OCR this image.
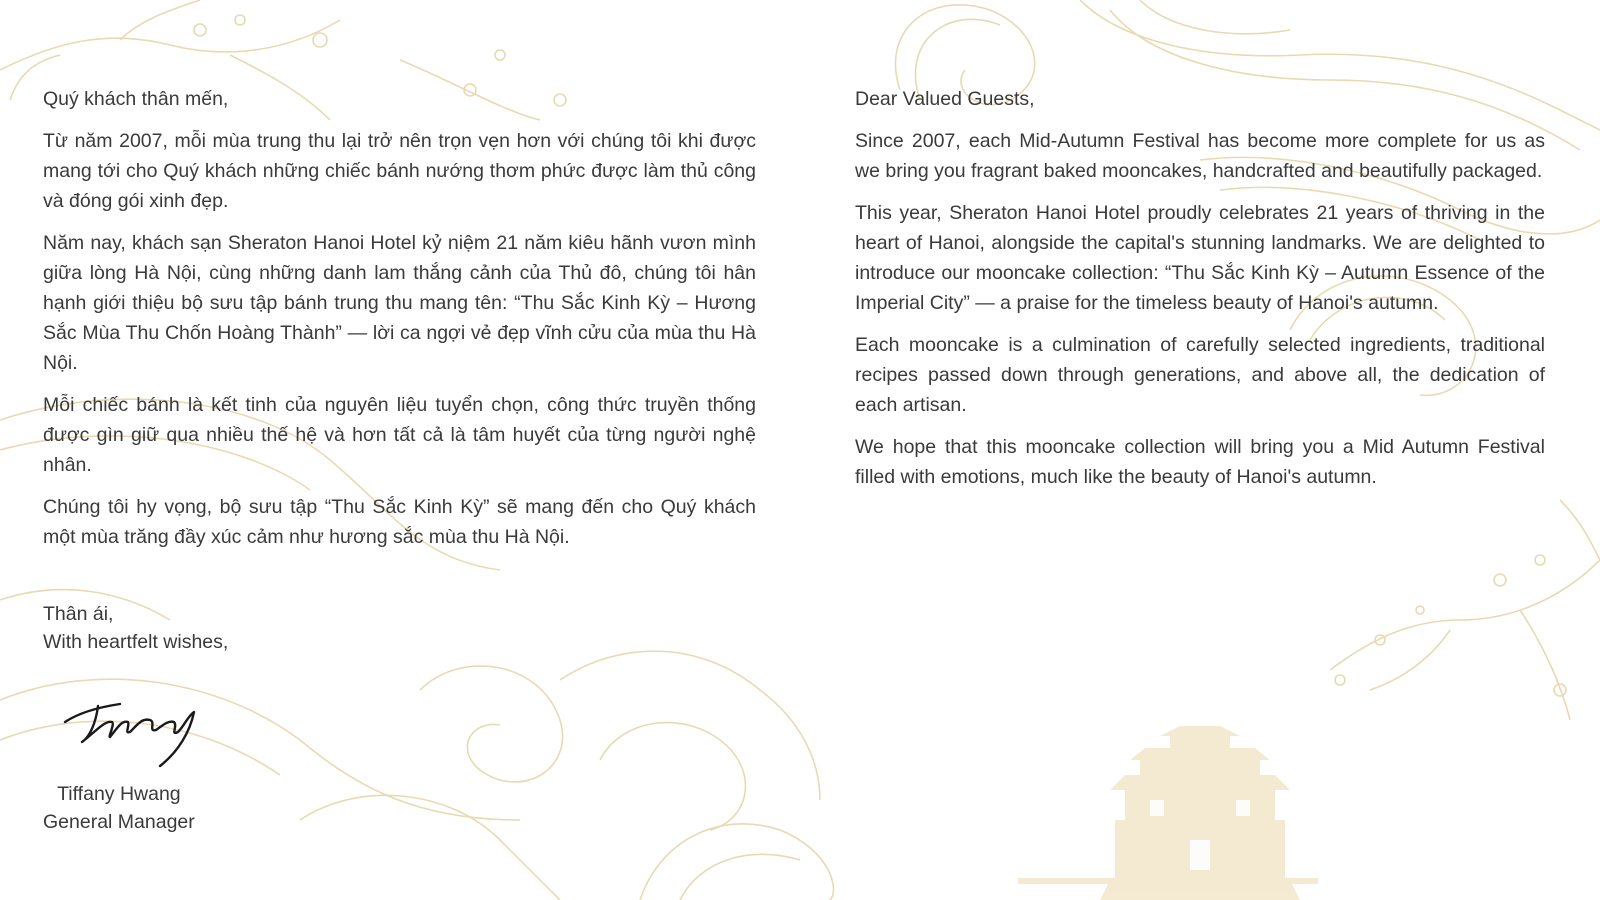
Quý khách thân mến,

Từ năm 2007, mỗi mùa trung thu lại trở nên trọn vẹn hơn với chúng tôi khi được mang tới cho Quý khách những chiếc bánh nướng thơm phức được làm thủ công và đóng gói xinh đẹp.

Năm nay, khách sạn Sheraton Hanoi Hotel kỷ niệm 21 năm kiêu hãnh vươn mình giữa lòng Hà Nội, cùng những danh lam thắng cảnh của Thủ đô, chúng tôi hân hạnh giới thiệu bộ sưu tập bánh trung thu mang tên: “Thu Sắc Kinh Kỳ – Hương Sắc Mùa Thu Chốn Hoàng Thành” — lời ca ngợi vẻ đẹp vĩnh cửu của mùa thu Hà Nội.

Mỗi chiếc bánh là kết tinh của nguyên liệu tuyển chọn, công thức truyền thống được gìn giữ qua nhiều thế hệ và hơn tất cả là tâm huyết của từng người nghệ nhân.

Chúng tôi hy vọng, bộ sưu tập “Thu Sắc Kinh Kỳ” sẽ mang đến cho Quý khách một mùa trăng đầy xúc cảm như hương sắc mùa thu Hà Nội.

Dear Valued Guests,

Since 2007, each Mid-Autumn Festival has become more complete for us as we bring you fragrant baked mooncakes, handcrafted and beautifully packaged.

This year, Sheraton Hanoi Hotel proudly celebrates 21 years of thriving in the heart of Hanoi, alongside the capital's stunning landmarks. We are delighted to introduce our mooncake collection: “Thu Sắc Kinh Kỳ – Autumn Essence of the Imperial City” — a praise for the timeless beauty of Hanoi's autumn.

Each mooncake is a culmination of carefully selected ingredients, traditional recipes passed down through generations, and above all, the dedication of each artisan.

We hope that this mooncake collection will bring you a Mid Autumn Festival filled with emotions, much like the beauty of Hanoi's autumn.

Thân ái,
With heartfelt wishes,
Tiffany Hwang
General Manager
